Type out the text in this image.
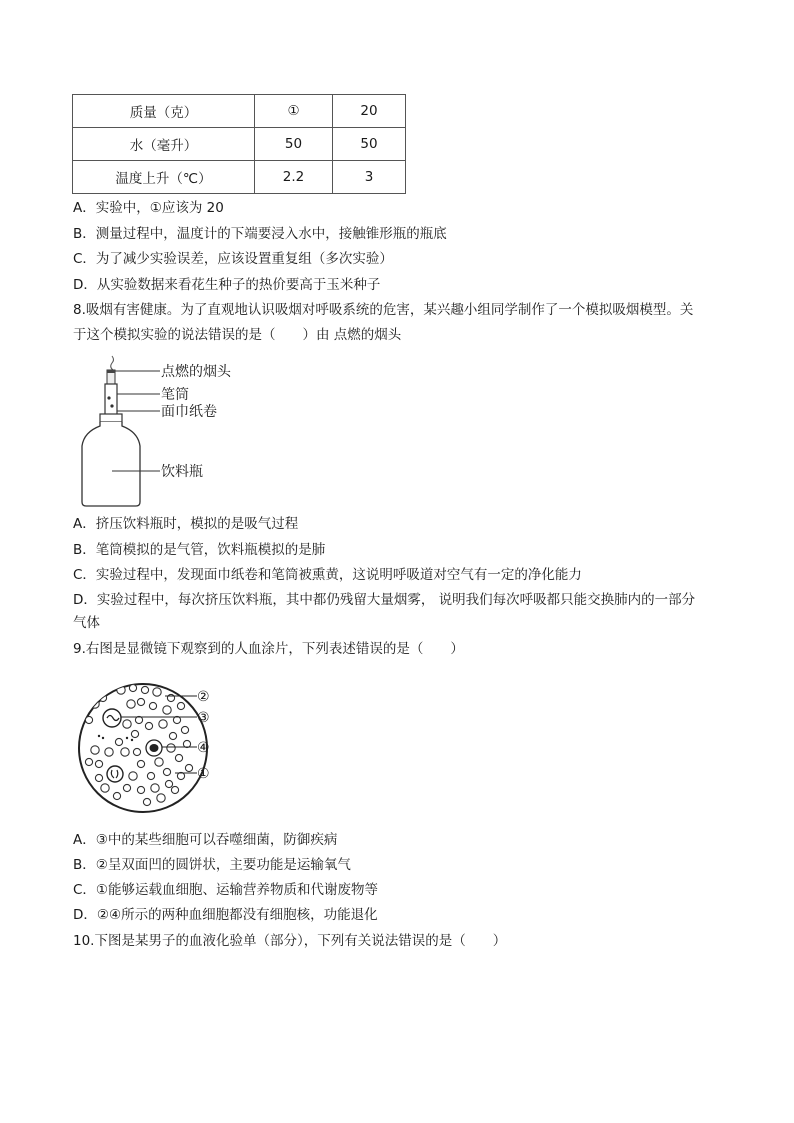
质量（克）	①	20
水（毫升）	50	50
温度上升（℃）	2.2	3
A．实验中，①应该为 20
B．测量过程中，温度计的下端要浸入水中，接触锥形瓶的瓶底
C．为了减少实验误差，应该设置重复组（多次实验）
D．从实验数据来看花生种子的热价要高于玉米种子
8.吸烟有害健康。为了直观地认识吸烟对呼吸系统的危害，某兴趣小组同学制作了一个模拟吸烟模型。关
于这个模拟实验的说法错误的是（　　）由 点燃的烟头
点燃的烟头
笔筒
面巾纸卷
饮料瓶
A．挤压饮料瓶时，模拟的是吸气过程
B．笔筒模拟的是气管，饮料瓶模拟的是肺
C．实验过程中，发现面巾纸卷和笔筒被熏黄，这说明呼吸道对空气有一定的净化能力
D．实验过程中，每次挤压饮料瓶，其中都仍残留大量烟雾， 说明我们每次呼吸都只能交换肺内的一部分
气体
9.右图是显微镜下观察到的人血涂片，下列表述错误的是（　　）
②
③
④
①
A．③中的某些细胞可以吞噬细菌，防御疾病
B．②呈双面凹的圆饼状，主要功能是运输氧气
C．①能够运载血细胞、运输营养物质和代谢废物等
D．②④所示的两种血细胞都没有细胞核，功能退化
10.下图是某男子的血液化验单（部分），下列有关说法错误的是（　　）
